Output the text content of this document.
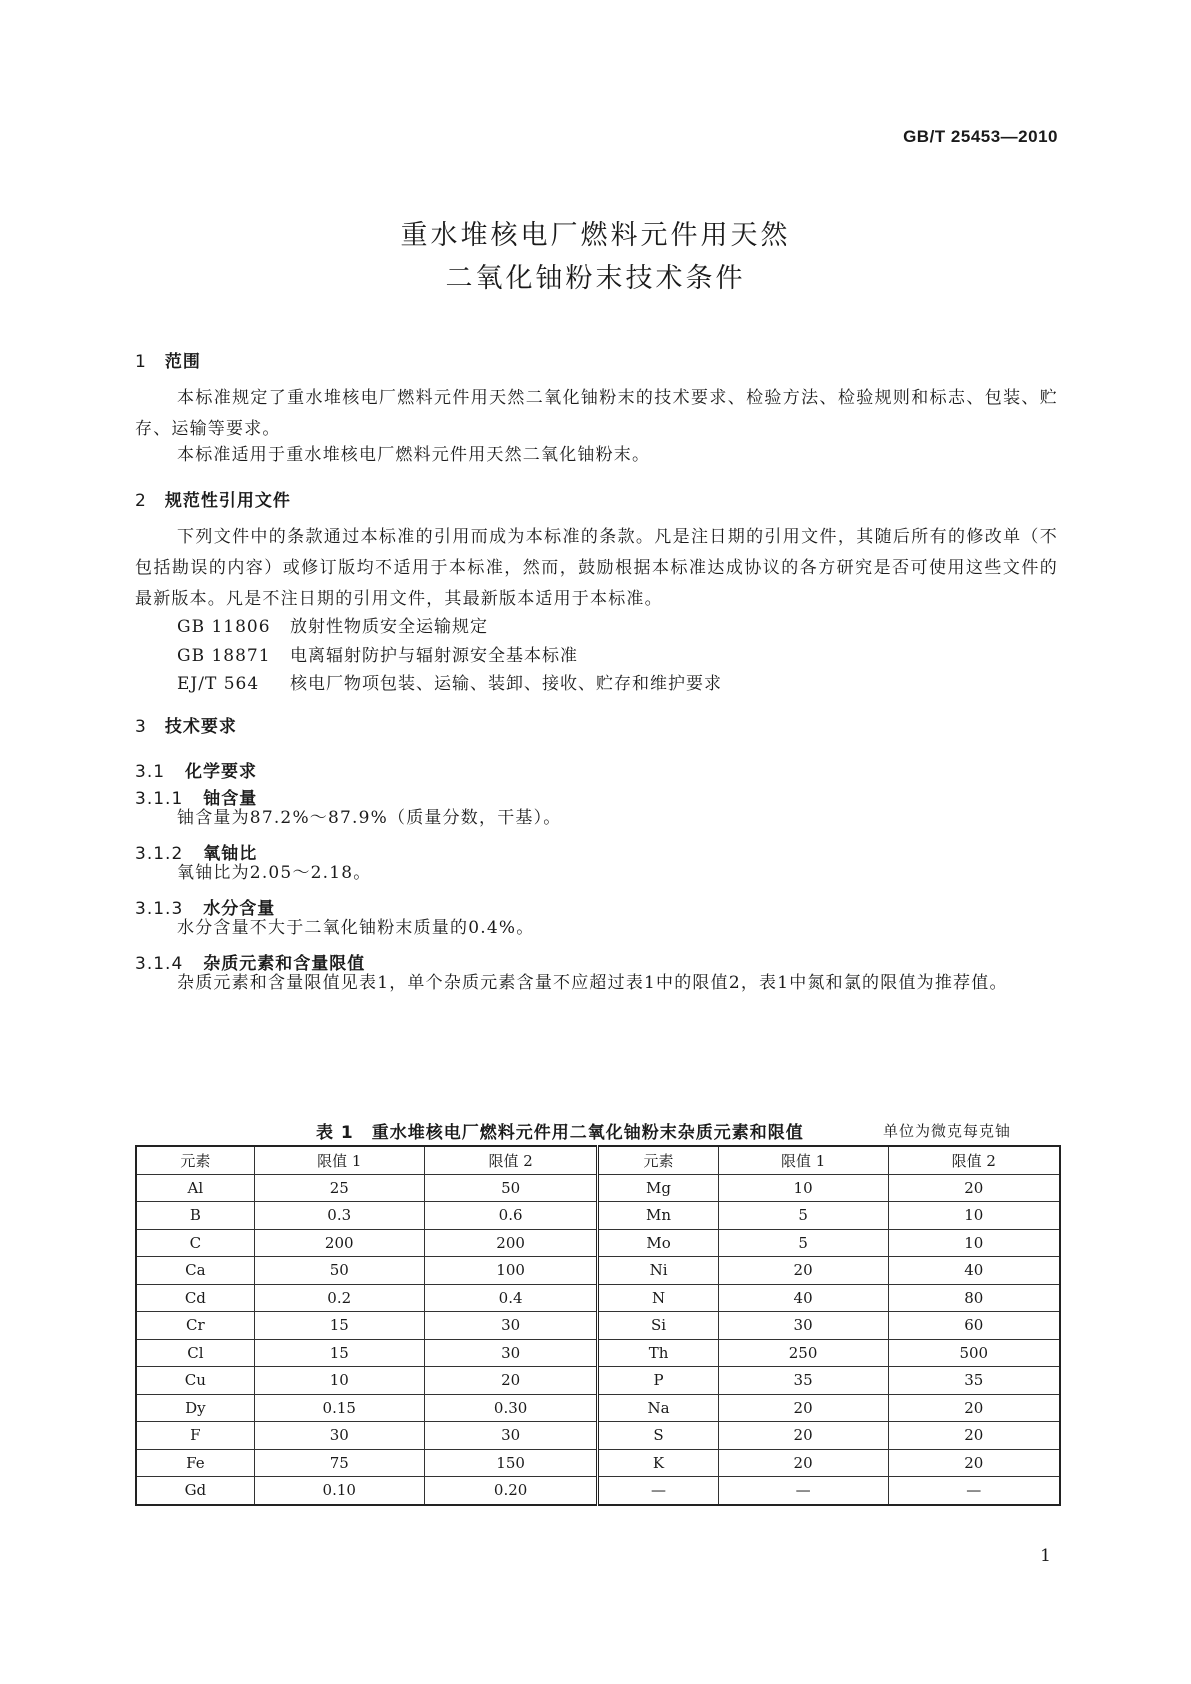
GB/T 25453—2010
重水堆核电厂燃料元件用天然
二氧化铀粉末技术条件
1 范围
本标准规定了重水堆核电厂燃料元件用天然二氧化铀粉末的技术要求、检验方法、检验规则和标志、包装、贮存、运输等要求。
本标准适用于重水堆核电厂燃料元件用天然二氧化铀粉末。
2 规范性引用文件
下列文件中的条款通过本标准的引用而成为本标准的条款。凡是注日期的引用文件，其随后所有的修改单（不包括勘误的内容）或修订版均不适用于本标准，然而，鼓励根据本标准达成协议的各方研究是否可使用这些文件的最新版本。凡是不注日期的引用文件，其最新版本适用于本标准。
GB 11806 放射性物质安全运输规定
GB 18871 电离辐射防护与辐射源安全基本标准
EJ/T 564 核电厂物项包装、运输、装卸、接收、贮存和维护要求
3 技术要求
3.1 化学要求
3.1.1 铀含量
铀含量为87.2%～87.9%（质量分数，干基）。
3.1.2 氧铀比
氧铀比为2.05～2.18。
3.1.3 水分含量
水分含量不大于二氧化铀粉末质量的0.4%。
3.1.4 杂质元素和含量限值
杂质元素和含量限值见表1，单个杂质元素含量不应超过表1中的限值2，表1中氮和氯的限值为推荐值。
表 1　重水堆核电厂燃料元件用二氧化铀粉末杂质元素和限值	单位为微克每克铀
元素	限值 1	限值 2	元素	限值 1	限值 2
Al	25	50	Mg	10	20
B	0.3	0.6	Mn	5	10
C	200	200	Mo	5	10
Ca	50	100	Ni	20	40
Cd	0.2	0.4	N	40	80
Cr	15	30	Si	30	60
Cl	15	30	Th	250	500
Cu	10	20	P	35	35
Dy	0.15	0.30	Na	20	20
F	30	30	S	20	20
Fe	75	150	K	20	20
Gd	0.10	0.20	—	—	—
1
